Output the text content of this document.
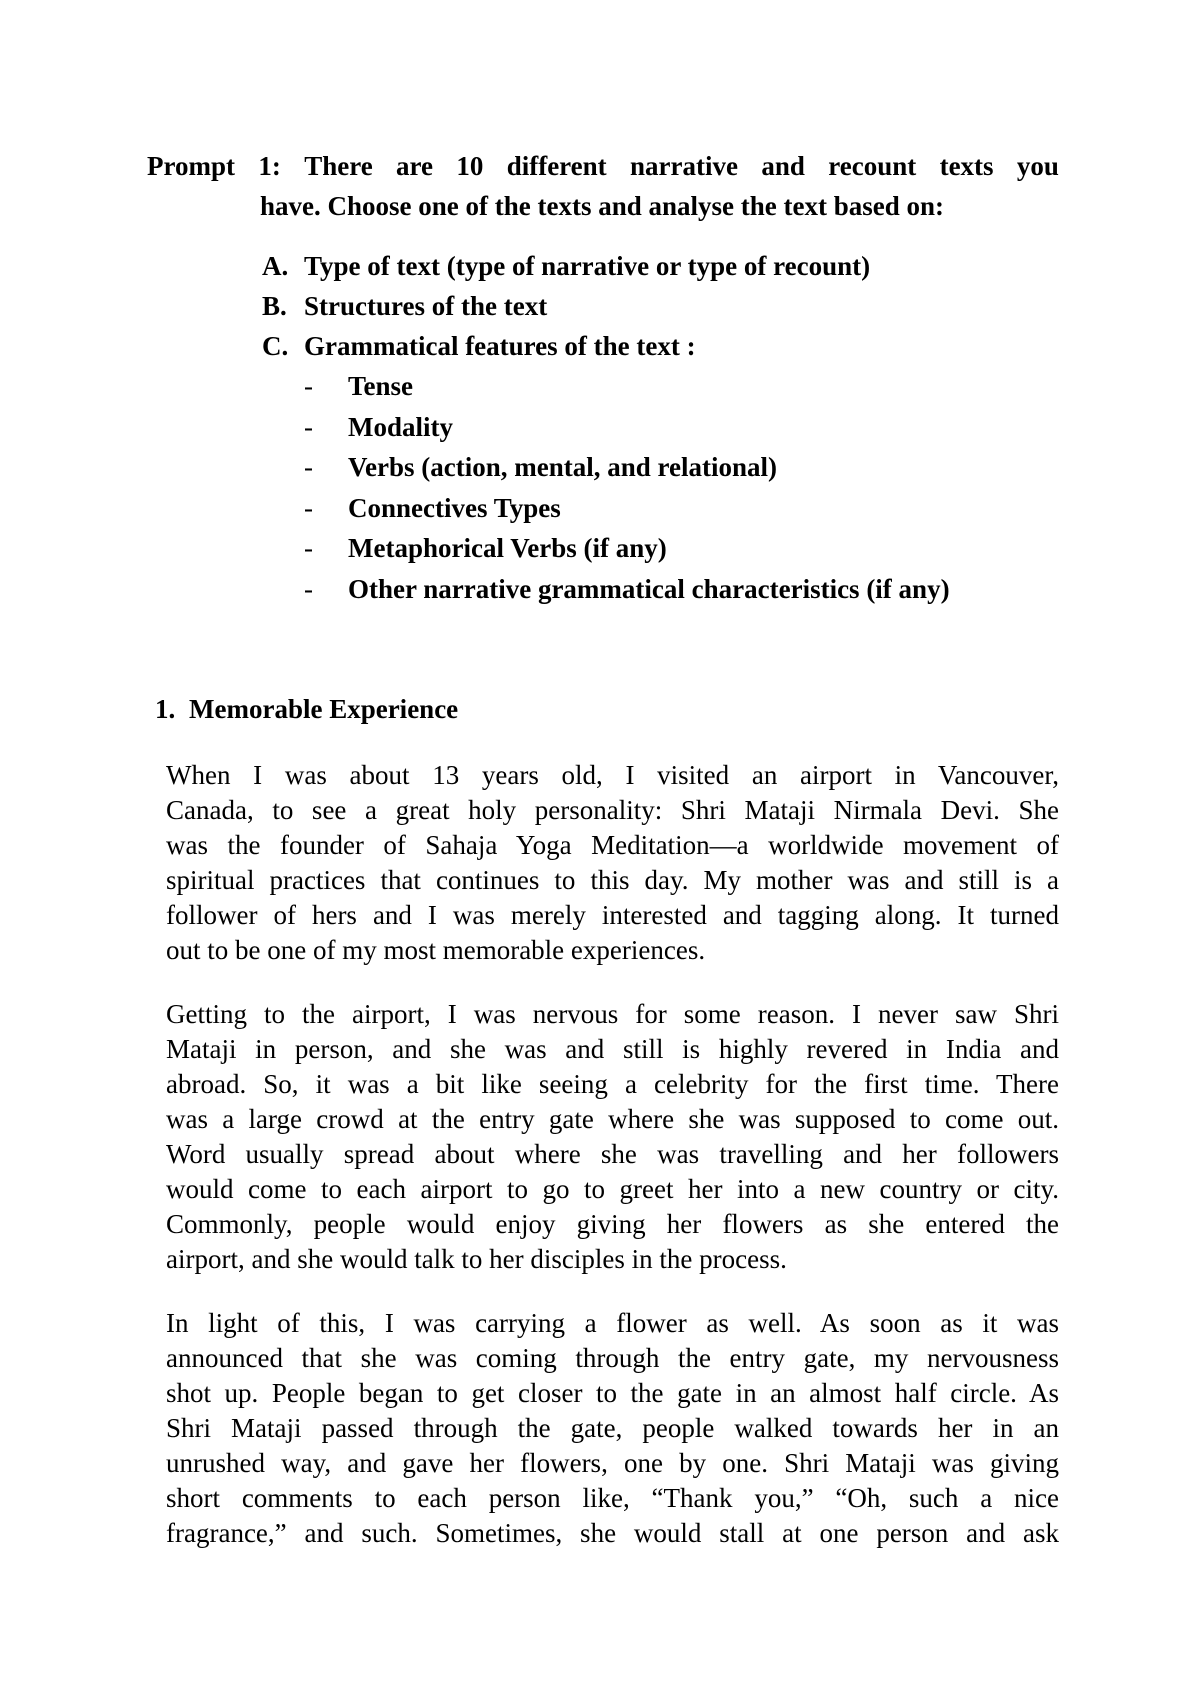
Prompt 1: There are 10 different narrative and recount texts you
have. Choose one of the texts and analyse the text based on:
A. Type of text (type of narrative or type of recount)
B. Structures of the text
C. Grammatical features of the text :
-	Tense
-	Modality
-	Verbs (action, mental, and relational)
-	Connectives Types
-	Metaphorical Verbs (if any)
-	Other narrative grammatical characteristics (if any)
1. Memorable Experience
When I was about 13 years old, I visited an airport in Vancouver,
Canada, to see a great holy personality: Shri Mataji Nirmala Devi. She
was the founder of Sahaja Yoga Meditation—a worldwide movement of
spiritual practices that continues to this day. My mother was and still is a
follower of hers and I was merely interested and tagging along. It turned
out to be one of my most memorable experiences.
Getting to the airport, I was nervous for some reason. I never saw Shri
Mataji in person, and she was and still is highly revered in India and
abroad. So, it was a bit like seeing a celebrity for the first time. There
was a large crowd at the entry gate where she was supposed to come out.
Word usually spread about where she was travelling and her followers
would come to each airport to go to greet her into a new country or city.
Commonly, people would enjoy giving her flowers as she entered the
airport, and she would talk to her disciples in the process.
In light of this, I was carrying a flower as well. As soon as it was
announced that she was coming through the entry gate, my nervousness
shot up. People began to get closer to the gate in an almost half circle. As
Shri Mataji passed through the gate, people walked towards her in an
unrushed way, and gave her flowers, one by one. Shri Mataji was giving
short comments to each person like, “Thank you,” “Oh, such a nice
fragrance,” and such. Sometimes, she would stall at one person and ask
